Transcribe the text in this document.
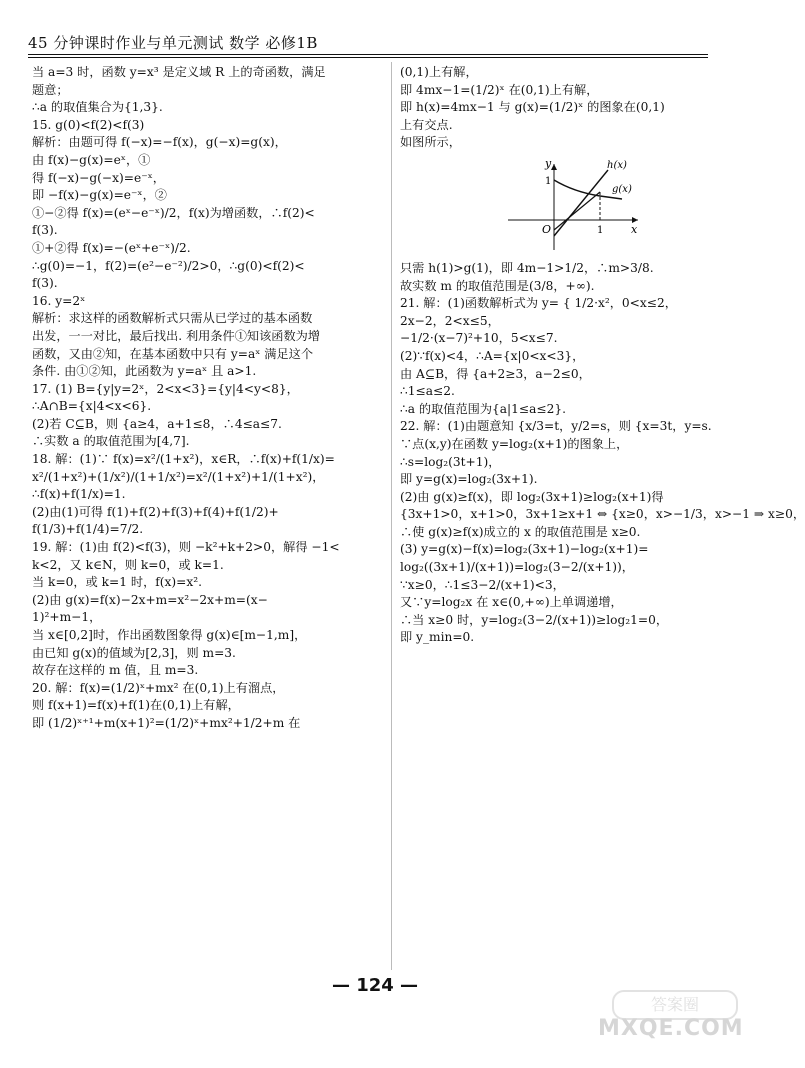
45 分钟课时作业与单元测试 数学 必修1B
当 a=3 时，函数 y=x³ 是定义域 R 上的奇函数，满足
题意；
∴a 的取值集合为{1,3}.
15. g(0)<f(2)<f(3)
解析：由题可得 f(−x)=−f(x)，g(−x)=g(x)，
由 f(x)−g(x)=eˣ，①
得 f(−x)−g(−x)=e⁻ˣ，
即 −f(x)−g(x)=e⁻ˣ，②
①−②得 f(x)=(eˣ−e⁻ˣ)/2，f(x)为增函数，∴f(2)<
f(3).
①+②得 f(x)=−(eˣ+e⁻ˣ)/2.
∴g(0)=−1，f(2)=(e²−e⁻²)/2>0，∴g(0)<f(2)<
f(3).
16. y=2ˣ
解析：求这样的函数解析式只需从已学过的基本函数
出发，一一对比，最后找出. 利用条件①知该函数为增
函数，又由②知，在基本函数中只有 y=aˣ 满足这个
条件. 由①②知，此函数为 y=aˣ 且 a>1.
17. (1) B={y|y=2ˣ，2<x<3}={y|4<y<8}，
∴A∩B={x|4<x<6}.
(2)若 C⊆B，则 {a≥4，a+1≤8，∴4≤a≤7.
∴实数 a 的取值范围为[4,7].
18. 解：(1)∵ f(x)=x²/(1+x²)，x∈R，∴f(x)+f(1/x)=
x²/(1+x²)+(1/x²)/(1+1/x²)=x²/(1+x²)+1/(1+x²)，
∴f(x)+f(1/x)=1.
(2)由(1)可得 f(1)+f(2)+f(3)+f(4)+f(1/2)+
f(1/3)+f(1/4)=7/2.
19. 解：(1)由 f(2)<f(3)，则 −k²+k+2>0，解得 −1<
k<2，又 k∈N，则 k=0，或 k=1.
当 k=0，或 k=1 时，f(x)=x².
(2)由 g(x)=f(x)−2x+m=x²−2x+m=(x−
1)²+m−1，
当 x∈[0,2]时，作出函数图象得 g(x)∈[m−1,m]，
由已知 g(x)的值域为[2,3]，则 m=3.
故存在这样的 m 值，且 m=3.
20. 解：f(x)=(1/2)ˣ+mx² 在(0,1)上有溜点，
则 f(x+1)=f(x)+f(1)在(0,1)上有解，
即 (1/2)ˣ⁺¹+m(x+1)²=(1/2)ˣ+mx²+1/2+m 在
(0,1)上有解，
即 4mx−1=(1/2)ˣ 在(0,1)上有解，
即 h(x)=4mx−1 与 g(x)=(1/2)ˣ 的图象在(0,1)
上有交点.
如图所示，
y
x
O
1
1
h(x)
g(x)
只需 h(1)>g(1)，即 4m−1>1/2，∴m>3/8.
故实数 m 的取值范围是(3/8，+∞).
21. 解：(1)函数解析式为 y= { 1/2·x²，0<x≤2，
2x−2，2<x≤5，
−1/2·(x−7)²+10，5<x≤7.
(2)∵f(x)<4，∴A={x|0<x<3}，
由 A⊆B，得 {a+2≥3，a−2≤0，
∴1≤a≤2.
∴a 的取值范围为{a|1≤a≤2}.
22. 解：(1)由题意知 {x/3=t，y/2=s，则 {x=3t，y=s.
∵点(x,y)在函数 y=log₂(x+1)的图象上，
∴s=log₂(3t+1)，
即 y=g(x)=log₂(3x+1).
(2)由 g(x)≥f(x)，即 log₂(3x+1)≥log₂(x+1)得
{3x+1>0，x+1>0，3x+1≥x+1 ⇔ {x≥0，x>−1/3，x>−1 ⇒ x≥0，
∴使 g(x)≥f(x)成立的 x 的取值范围是 x≥0.
(3) y=g(x)−f(x)=log₂(3x+1)−log₂(x+1)=
log₂((3x+1)/(x+1))=log₂(3−2/(x+1))，
∵x≥0，∴1≤3−2/(x+1)<3，
又∵y=log₂x 在 x∈(0,+∞)上单调递增，
∴当 x≥0 时，y=log₂(3−2/(x+1))≥log₂1=0，
即 y_min=0.
— 124 —
答案圈
MXQE.COM
